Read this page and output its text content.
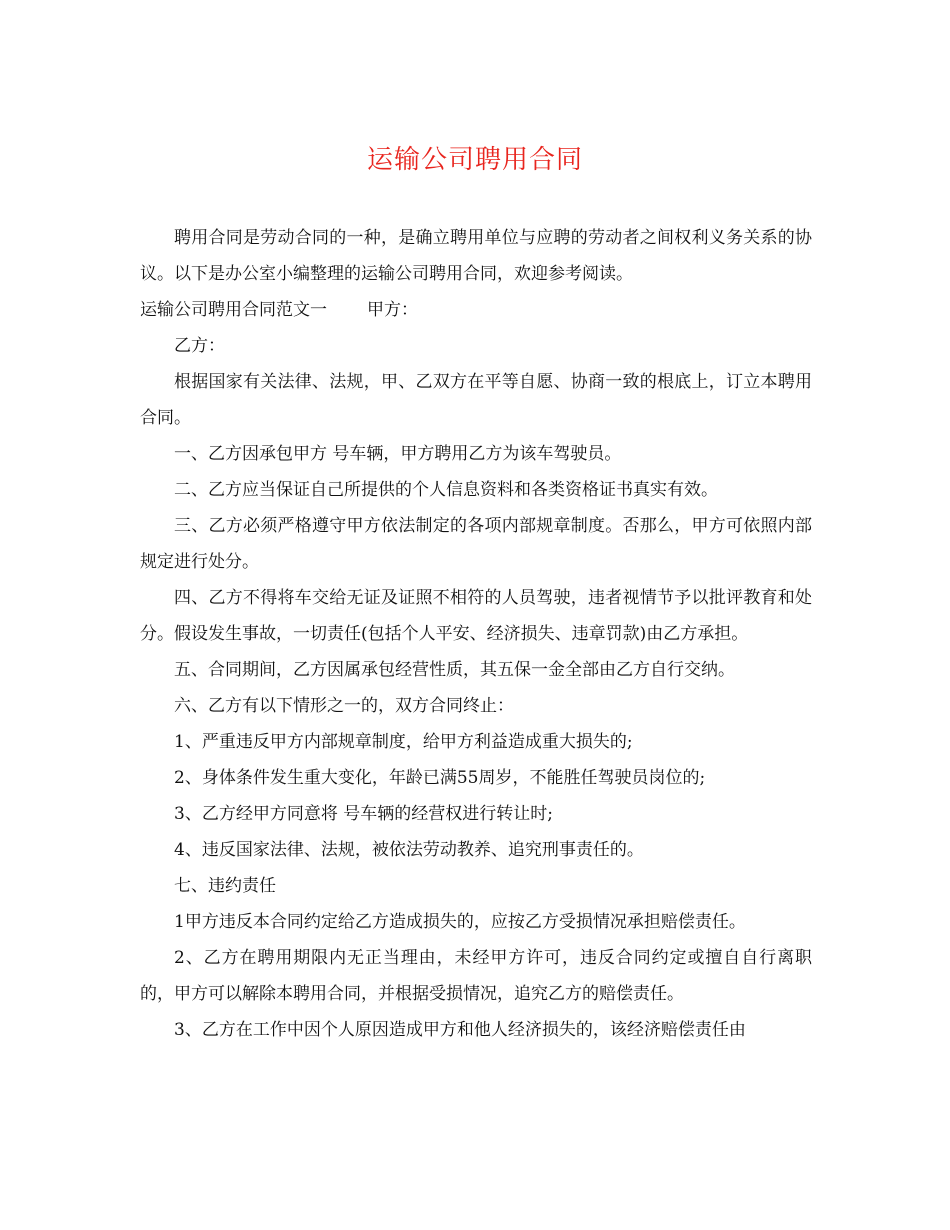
运输公司聘用合同

聘用合同是劳动合同的一种，是确立聘用单位与应聘的劳动者之间权利义务关系的协议。以下是办公室小编整理的运输公司聘用合同，欢迎参考阅读。

运输公司聘用合同范文一 甲方：

乙方：

根据国家有关法律、法规，甲、乙双方在平等自愿、协商一致的根底上，订立本聘用合同。

一、乙方因承包甲方 号车辆，甲方聘用乙方为该车驾驶员。

二、乙方应当保证自己所提供的个人信息资料和各类资格证书真实有效。

三、乙方必须严格遵守甲方依法制定的各项内部规章制度。否那么，甲方可依照内部规定进行处分。

四、乙方不得将车交给无证及证照不相符的人员驾驶，违者视情节予以批评教育和处分。假设发生事故，一切责任(包括个人平安、经济损失、违章罚款)由乙方承担。

五、合同期间，乙方因属承包经营性质，其五保一金全部由乙方自行交纳。

六、乙方有以下情形之一的，双方合同终止：

1、严重违反甲方内部规章制度，给甲方利益造成重大损失的;

2、身体条件发生重大变化，年龄已满55周岁，不能胜任驾驶员岗位的;

3、乙方经甲方同意将 号车辆的经营权进行转让时;

4、违反国家法律、法规，被依法劳动教养、追究刑事责任的。

七、违约责任

1甲方违反本合同约定给乙方造成损失的，应按乙方受损情况承担赔偿责任。

2、乙方在聘用期限内无正当理由，未经甲方许可，违反合同约定或擅自自行离职的，甲方可以解除本聘用合同，并根据受损情况，追究乙方的赔偿责任。

3、乙方在工作中因个人原因造成甲方和他人经济损失的，该经济赔偿责任由
